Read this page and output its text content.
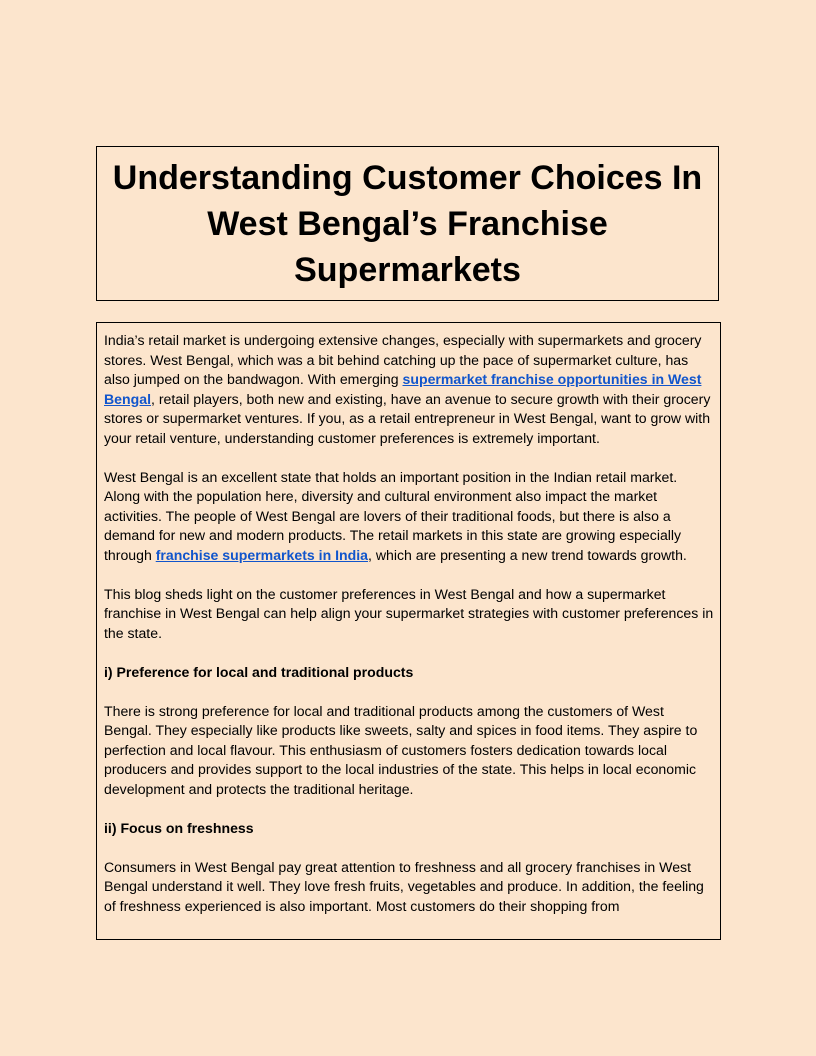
Understanding Customer Choices In West Bengal’s Franchise Supermarkets

India’s retail market is undergoing extensive changes, especially with supermarkets and grocery stores. West Bengal, which was a bit behind catching up the pace of supermarket culture, has also jumped on the bandwagon. With emerging supermarket franchise opportunities in West Bengal, retail players, both new and existing, have an avenue to secure growth with their grocery stores or supermarket ventures. If you, as a retail entrepreneur in West Bengal, want to grow with your retail venture, understanding customer preferences is extremely important.

West Bengal is an excellent state that holds an important position in the Indian retail market. Along with the population here, diversity and cultural environment also impact the market activities. The people of West Bengal are lovers of their traditional foods, but there is also a demand for new and modern products. The retail markets in this state are growing especially through franchise supermarkets in India, which are presenting a new trend towards growth.

This blog sheds light on the customer preferences in West Bengal and how a supermarket franchise in West Bengal can help align your supermarket strategies with customer preferences in the state.

i) Preference for local and traditional products

There is strong preference for local and traditional products among the customers of West Bengal. They especially like products like sweets, salty and spices in food items. They aspire to perfection and local flavour. This enthusiasm of customers fosters dedication towards local producers and provides support to the local industries of the state. This helps in local economic development and protects the traditional heritage.

ii) Focus on freshness

Consumers in West Bengal pay great attention to freshness and all grocery franchises in West Bengal understand it well. They love fresh fruits, vegetables and produce. In addition, the feeling of freshness experienced is also important. Most customers do their shopping from
